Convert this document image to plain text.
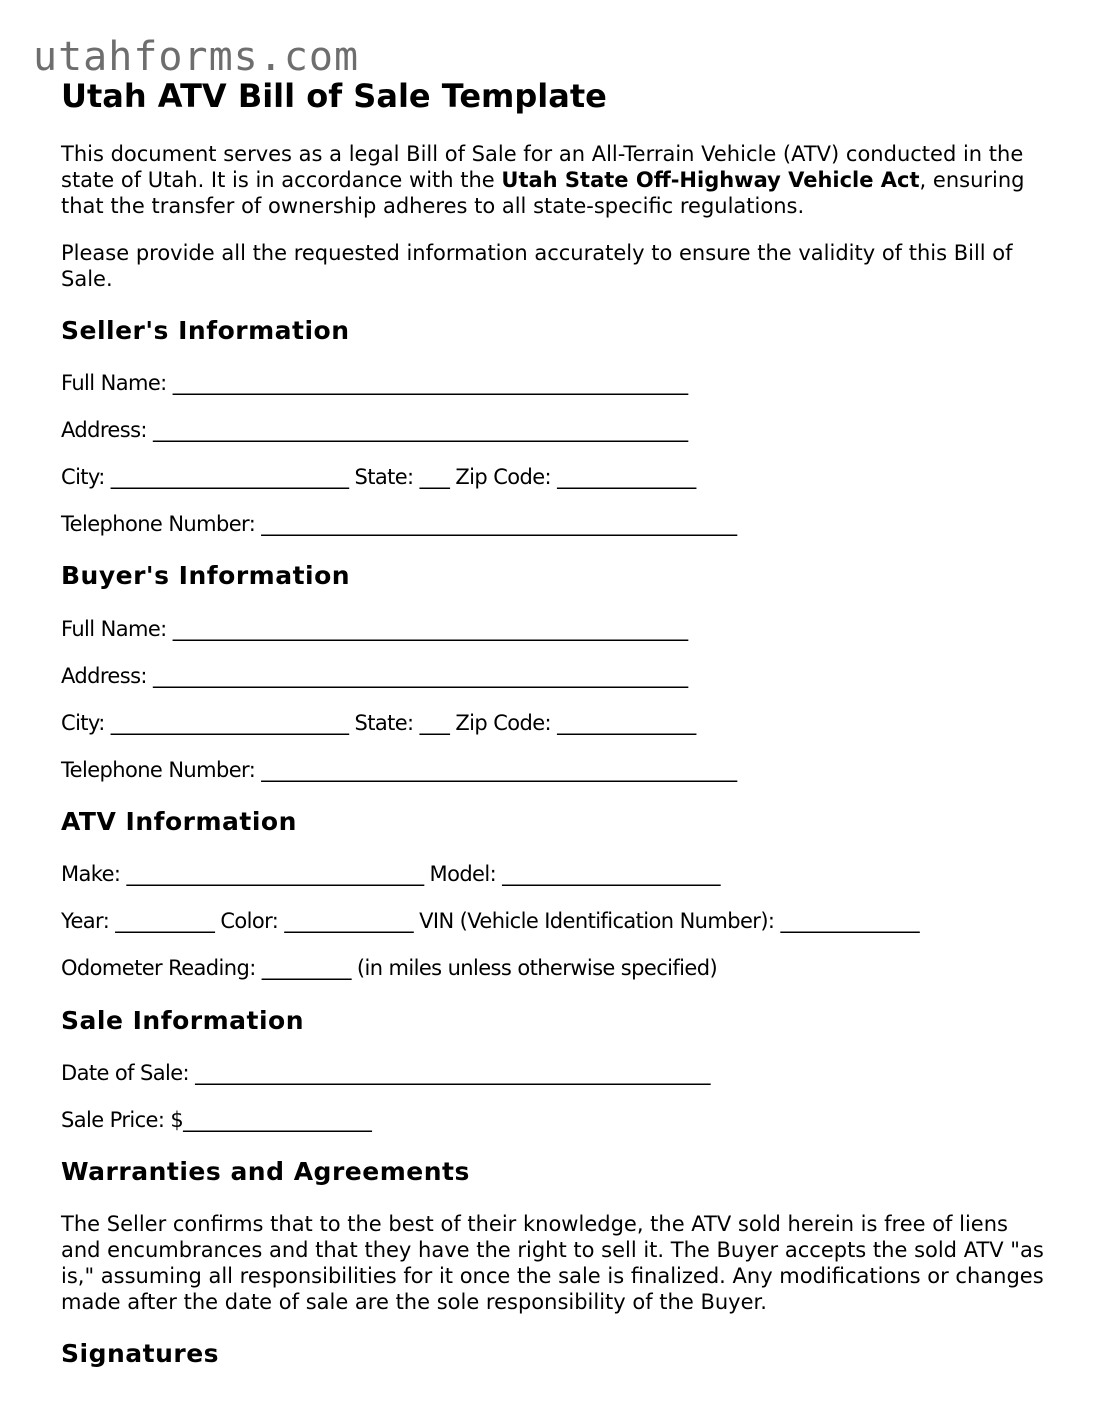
utahforms.com
Utah ATV Bill of Sale Template
This document serves as a legal Bill of Sale for an All-Terrain Vehicle (ATV) conducted in the state of Utah. It is in accordance with the Utah State Off-Highway Vehicle Act, ensuring that the transfer of ownership adheres to all state-specific regulations.
Please provide all the requested information accurately to ensure the validity of this Bill of Sale.
Seller's Information
Full Name: ____________________________________________________
Address: ______________________________________________________
City: ________________________ State: ___ Zip Code: ______________
Telephone Number: ________________________________________________
Buyer's Information
Full Name: ____________________________________________________
Address: ______________________________________________________
City: ________________________ State: ___ Zip Code: ______________
Telephone Number: ________________________________________________
ATV Information
Make: ______________________________ Model: ______________________
Year: __________ Color: _____________ VIN (Vehicle Identification Number): ______________
Odometer Reading: _________ (in miles unless otherwise specified)
Sale Information
Date of Sale: ____________________________________________________
Sale Price: $___________________
Warranties and Agreements
The Seller confirms that to the best of their knowledge, the ATV sold herein is free of liens and encumbrances and that they have the right to sell it. The Buyer accepts the sold ATV "as is," assuming all responsibilities for it once the sale is finalized. Any modifications or changes made after the date of sale are the sole responsibility of the Buyer.
Signatures
